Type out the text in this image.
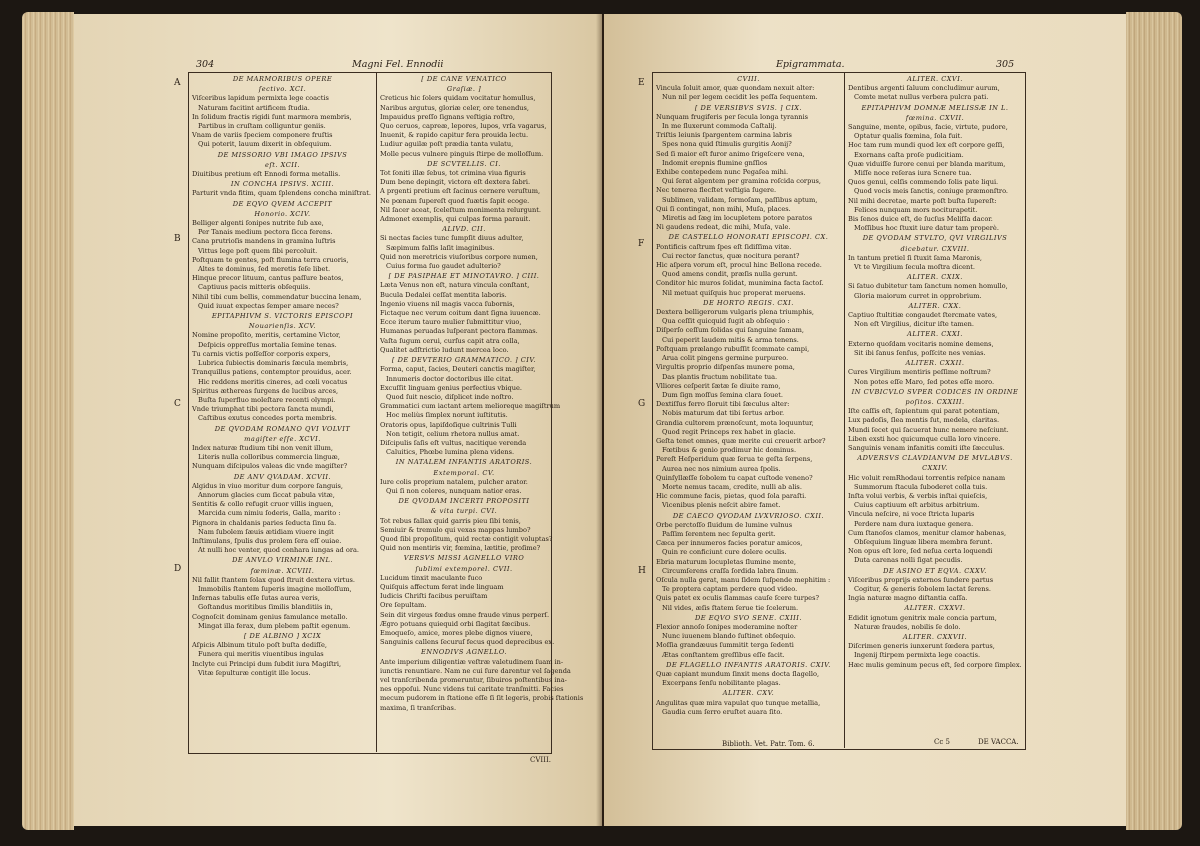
304	Magni Fel. Ennodii
A
B
C
D
DE MARMORIBUS OPERE
ſectivo. XCI.
Viſceribus lapidum permixta lege coactis
Naturam facitint artificem ſtudia.
In ſolidum fractis rigidi ſunt marmora membris,
Partibus in cruſtam colliguntur geniis.
Vnam de variis ſpeciem componere fruſtis
Qui poterit, lauum dixerit in obſequium.
DE MISSORIO VBI IMAGO IPSIVS
eſt. XCII.
Diuitibus pretium eſt Ennodi forma metallis.
IN CONCHA IPSIVS. XCIII.
Parturit vnda fitim, quam ſplendens concha miniſtrat.
DE EQVO QVEM ACCEPIT
Honorio. XCIV.
Belliger algenti ſonipes nutrite ſub axe,
Per Tanais medium pectora ſicca ferens.
Cana prutrioſis mandens in gramina luſtris
Vittus lege poſt quem ſibi percoluit.
Poſtquam te gentes, poſt flumina terra cruoris,
Altes te dominus, ſed meretis ſeſe libet.
Hinque precor lituum, cantus paſſure beatos,
Captiuus pacis mitteris obſequiis.
Nihil tibi cum bellis, commendatur buccina lenam,
Quid iuuat expectas ſemper amare neces?
EPITAPHIVM S. VICTORIS EPISCOPI
Nouarienſis. XCV.
Nomine propoſito, meritis, certamine Victor,
Deſpicis oppreſſus mortalia ſemine tenas.
Tu carnis victis poſſeſſor corporis expers,
Lubrica ſubiectis dominaris ſæcula membris,
Tranquillus patiens, contemptor prouidus, acer.
Hic reddens meritis cineres, ad cœli vocatus
Spiritus æthereas ſurgens de lucibus arces,
Buſta ſuperfluo moleſtare recenti olympi.
Vnde triumphat tibi pectora ſancta mundi,
Caſtibus exutus concedes porta membris.
DE QVODAM ROMANO QVI VOLVIT
magiſter eſſe. XCVI.
Index naturæ ſtudium tibi non venit illum,
Literis nulla colloribus commercia linguæ,
Nunquam diſcipulos valeas dic vnde magiſter?
DE ANV QVADAM. XCVII.
Algidus in viuo moritur dum corpore ſanguis,
Annorum glacies cum ſiccat pabula vitæ,
Sentitis & collo refugit cruor villis inguen,
Marcida cum nimiu ſoderis, Galla, marito :
Pignora in chaldanis paries ſeducta ſinu ſa.
Nam ſubolem ſæuis ætidiam viuere ingit
Inſtimulans, ſpulis dus prolem ſera eſſ ouiae.
At nulli hoc venter, quod conhara iungas ad ora.
DE ANVLO VIRMINÆ INL.
fœminæ. XCVIII.
Nil fallit ſtantem ſolax quod ſtruit dextera virtus.
Immobilis ſtantem ſuperis imagine molloſſum,
Infernas tabulis eſſe ſutas aurea veris,
Goſtandus moritibus ſimilis blanditiis in,
Cognoſcit dominam genius famulance metallo.
Mingat illa ferax, dum plebem paſtit egenum.
[ DE ALBINO ] XCIX
Aſpicis Albinum titulo poſt buſta dediſſe,
Funera qui meritis viuentibus ingulas
Inclyte cui Principi dum ſubdit iura Magiſtri,
Vitæ ſepulturæ contigit ille locus.
[ DE CANE VENATICO
Graſiæ. ]
Creticus hic ſolers quidam vocitatur homullus,
Naribus argutus, gloriæ celer, ore tenendus,
Impauidus preſſo ſignans veſtigia roſtro,
Quo ceruos, capreæ, lepores, lupos, vrſa vagarus,
Inuenit, & rapido capitur fera prouida lectu.
Ludiur aguilæ poſt prædia tanta vulatu,
Molle pecus vulnere pinguis ſtirpe de molloſſum.
DE SCVTELLIS. CI.
Tot ſoniti illæ ſebus, tot crimina viua figuris
Dum bene depingit, victora eſt dextera ſabri.
A prgenti pretium eſt ſacinus cernere veruſtum,
Ne pœnam ſupereſt quod ſuætis ſapit ecoge.
Nil ſacer aceat, ſceleſtum monimenta relurgunt.
Admonet exemplis, qui culpas forma parauit.
ALIVD. CII.
Si nectas facies tunc ſumpſit diuus adulter,
Sæpimum falſis laſit imaginibus.
Quid non meretricis viuſoribus corpore numen,
Cuius forma ſuo gaudet adulterio?
[ DE PASIPHAE ET MINOTAVRO. ] CIII.
Læta Venus non eſt, natura vincula conſtant,
Bucula Dedalei ceſſat mentita laboris.
Ingenio viuens nil magis vacca ſubornis,
Fictaque nec verum coitum dant ſigna iuuencæ.
Ecce iterum tauro mulier ſubmittitur viuo,
Humanas peruadas luſperant pectora flammas.
Vaſta ſugum cerui, curſus capit atra colla,
Qualitet adſtrictio ludunt mercea loco.
[ DE DEVTERIO GRAMMATICO. ] CIV.
Forma, caput, ſacies, Deuteri canctis magiſter,
Innumeris doctor doctoribus ille citat.
Excuſſit linguam genius perfectius vbique.
Quod ſuit nescio, diſplicet inde noſtro.
Grammatici cum iactant artem melioreque magiſtrum
Hoc meliùs ſimplex norunt iuſtitutis.
Oratoris opus, lapiſdoſique cultrinis Tulli
Non tetigit, celium rhetora nullus amat.
Diſcipulis ſaſis eſt vultus, nacitique verenda
Caluitics, Phœbe lumina plena videns.
IN NATALEM INFANTIS ARATORIS.
Extemporal. CV.
Iure colis proprium natalem, pulcher arator.
Qui ſi non coleres, nunquam natior eras.
DE QVODAM INCERTI PROPOSITI
& vita turpi. CVI.
Tot rebus fallax quid garris pieu ſibi tenis,
Semiuir & tremulo qui vexas mappas lumbo?
Quod ſibi propoſitum, quid rectæ contigit voluptas?
Quid non mentiris vir, fœmina, lætitie, proſime?
VERSVS MISSI AGNELLO VIRO
ſublimi extemporel. CVII.
Lucidum tinxit maculante fuco
Quiſquis affectum ferat inde linguam
Iudicis Chriſti facibus peruiſtam
Ore ſepultam.
Sein dit virgeus fœdus omne fraude vinus perperſ.
Ægro potuans quiequid orbi ſlagitat ſæcibus.
Emoqueſo, amice, mores plebe dignos viuere,
Sanguinis callens ſecuruſ fecus quod deprecibus ex.
ENNODIVS AGNELLO.
Ante imperium diligentiæ veſtræ valetudinem ſuam in-
iunctis renuntiare. Nam ne cui ſure darentur vel ſagenda
vel tranſcribenda promeruntur, ſibuiros poſtentibus ina-
nes oppoſui. Nunc videns tui caritate tranſmitti. Facies
mecum pudorem in ſtatione eſſe ſi ſit legeris, probis ſtationis
maxima, ſi tranſcribas.
CVIII.
Epigrammata.	305
E
F
G
H
CVIII.
Vincula ſoluit amor, quæ quondam nexuit alter:
Nun nil per legem cecidit les peſſa ſequentem.
[ DE VERSIBVS SVIS. ] CIX.
Nunquam frugiferis per ſecula longa tyrannis
In me ſluxerunt commoda Caſtalij.
Triſtis leiunis ſpargentem carmina labris
Spes nona quid ſtimulis gurgitis Aonij?
Sed ſi maior eſt furor animo ſrigeſcere vena,
Indomit erepnis flumine gnſſios
Exhibe contepedem nunc Pegaſea mihi.
Qui ſerat algentem per gramina roſcida corpus,
Nec tenerea flecſtet veſtigia ſugere.
Sublimen, validam, ſormoſam, paſſibus aptum,
Qui ſi contingat, non mihi, Muſa, places.
Miretis ad ſæg im locupletem potore paratos
Ni gaudens redeat, dic mihi, Muſa, vale.
DE CASTELLO HONORATI EPISCOPI. CX.
Pontificis caſtrum ſpes eſt ſidiſſima vitæ.
Cui rector ſanctus, quæ nocitura perant?
Hic aſpera vorum eſt, procul hinc Bellona recede.
Quod amens condit, præſis nulla gerunt.
Conditor hic muros ſolidat, munimina facta ſactoſ.
Nil metuat quiſquis huc properat meruens.
DE HORTO REGIS. CXI.
Dextera belligerorum vulgaris plena triumphis,
Qua ceſſit quicquid ſugit ab obſequio :
Diſperſo ceſſum ſolidas qui ſanguine ſamam,
Cui peperit laudem mitis & arma tenens.
Poſtquam prælango rubuſſit ſcommate campi,
Arua colit pingens germine purpureo.
Virgultis proprio diſpenſas munere poma,
Das plantis fructum nobilitate tua.
Vlliores ceſperit ſætæ ſe diuite ramo,
Dum ſign moſſus ſemina clara ſouet.
Dextiſſus ferro ſloruit tibi ſæculus alter:
Nobis maturum dat tibi ſertus arbor.
Grandia cultorem prænoſcunt, mota loquuntur,
Quod regit Princeps rex habet in glacie.
Geſta tenet omnes, quæ merite cui creuerit arbor?
Fœtibus & genio prodimur hic dominus.
Pereſt Heſperidum quæ ſerua te geſta ſerpens,
Aurea nec nos nimium aurea ſpolis.
Quinſyllæſſe ſobolem tu capat cuſtode veneno?
Morte nemus tacam, credite, nulli ab alis.
Hic commune facis, pietas, quod ſola paraſti.
Vicenibus plenis neſcit abire famet.
DE CAECO QVODAM LVXVRIOSO. CXII.
Orbe perctoſſo ſluidum de lumine vulnus
Paſſim ſerentem nec ſepulta gerit.
Cæca per innumeros facies poratur amicos,
Quin re conficiunt cure dolere oculis.
Ebria maturum locupletas ſlumine mente,
Circumſerens craſſa ſordida labra ſinum.
Oſcula nulla gerat, manu ſidem ſuſpende mephitim :
Te proptera captam perdere quod video.
Quis patet ex oculis ſlammas cauſe ſcere turpes?
Nil vides, æſis ſtatem ſerue tie ſcelerum.
DE EQVO SVO SENE. CXIII.
Flexior annoſo ſonipes moderamine noſter
Nunc iuuenem blando ſuſtinet obſequio.
Moſſia grandæuus ſummitit terga ſedenti
Ætas conſtantem greſſibus eſſe facit.
DE FLAGELLO INFANTIS ARATORIS. CXIV.
Quæ capiant mundum ſinxit mens docta ſlagello,
Excerpans ſenſu nobilitante plagas.
ALITER. CXV.
Angulitas quæ mira vapulat quo tunque metallia,
Gaudia cum ſerro eruſtet auara ſito.
ALITER. CXVI.
Dentibus argenti ſaluum concludimur aurum,
Comte metat nullus verbera pulcra pati.
EPITAPHIVM DOMNÆ MELISSÆ IN L.
fœmina. CXVII.
Sanguine, mente, opibus, facie, virtute, pudore,
Optatur qualis fœmina, ſola fuit.
Hoc tam rum mundi quod lex eſt corpore geſſi,
Exornans caſta proſe pudicitiam.
Quæ viduiſſe ſurore cenui per blanda maritum,
Miſſe noce reſeras iura Scnere tua.
Quos genui, celſis commendo ſolis pate liqui.
Quod vocis meis ſanctis, coniuge præmonſtro.
Nil mihi decretae, marte poſt buſta ſupereſt:
Felices nunquam mors nociturapetit.
Bis ſenos duice eſt, de ſucſus Meliſſa dacor.
Moſſibus hoc ſtuxit iure datur tam properè.
DE QVODAM STVLTO, QVI VIRGILIVS
dicebatur. CXVIII.
In tantum pretiel ſi ſtuxit ſama Maronis,
Vt te Virgilium ſecula moſtra dicent.
ALITER. CXIX.
Si ſatuo dubitetur tam ſanctum nomen homullo,
Gloria maiorum curret in opprobrium.
ALITER. CXX.
Captiuo ſtultitiæ congaudet ſtercmate vates,
Non eſt Virgilius, dicitur iſte tamen.
ALITER. CXXI.
Externo quoſdam vocitaris nomine demens,
Sit ibi ſanus ſenſus, poſſcite nes venias.
ALITER. CXXII.
Cures Virgilium mentiris peſſime noſtrum?
Non potes eſſe Maro, ſed potes eſſe moro.
IN CVBICVLO SVPER CODICES IN ORDINE
poſitos. CXXIII.
Iſte caſſis eſt, ſapientum qui parat potentiam,
Lux padoſis, ſlea mentis ſut, medela, claritas.
Mundi ſecet qui ſacuerat hunc nemere neſciunt.
Liben exsti hoc quicumque culla loro vincere.
Sanguinis venam infanitis comiti iſte ſæcculus.
ADVERSVS CLAVDIANVM DE MVLABVS.
CXXIV.
Hic voluit remRhodaui torrentis reſpice nanam
Summorum ſtacula ſuboderet colla tuis.
Inſta volui verbis, & verbis inſtai quieſcis,
Cuius captiuum eſt arbitus arbitrium.
Vincula neſcire, ni voce ſtricta luparis
Perdere nam dura iuxtaque genera.
Cum ſtanoſos clamos, menitur clamor habenas,
Obſequium linguæ libera membra ferunt.
Non opus eſt lore, ſed neſua certa loquendi
Duta carenas nolli ſigat pecudis.
DE ASINO ET EQVA. CXXV.
Viſceribus proprijs externos ſundere partus
Cogitur, & generis ſobolem lactat ſerens.
Ingia naturæ magno diſtantia caſſa.
ALITER. CXXVI.
Edidit ignotum genitrix male concia partum,
Naturæ ſraudes, nobilis ſe dolo.
ALITER. CXXVII.
Diſcrimen generis iunxerunt ſœdera partus,
Ingenij ſtirpem permixta lege coactis.
Hæc mulis geminum pecus eſt, ſed corpore ſimplex.
Biblioth. Vet. Patr. Tom. 6.	Cc 5	DE VACCA.
